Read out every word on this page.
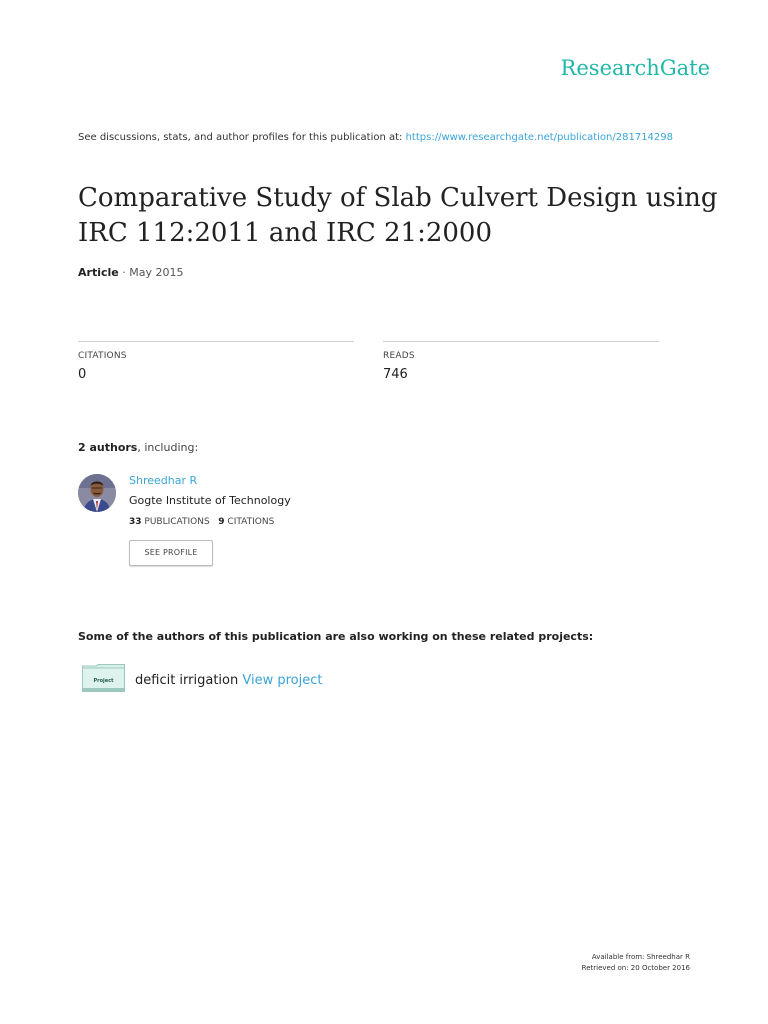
ResearchGate
See discussions, stats, and author profiles for this publication at: https://www.researchgate.net/publication/281714298
Comparative Study of Slab Culvert Design using IRC 112:2011 and IRC 21:2000
Article · May 2015
CITATIONS
0
READS
746
2 authors, including:
Shreedhar R
Gogte Institute of Technology
33 PUBLICATIONS 9 CITATIONS
SEE PROFILE
Some of the authors of this publication are also working on these related projects:
Project deficit irrigation View project
Available from: Shreedhar R
Retrieved on: 20 October 2016
